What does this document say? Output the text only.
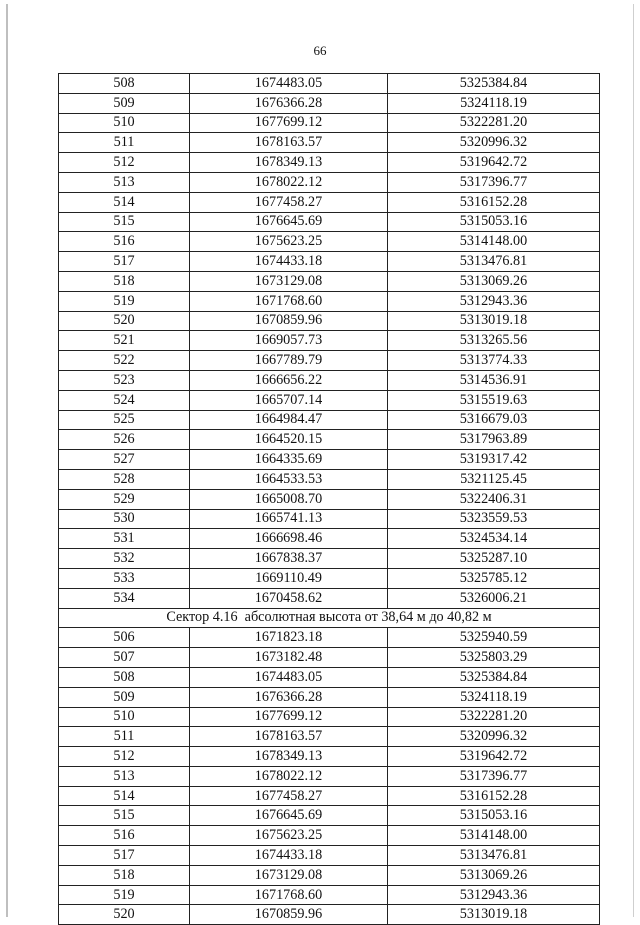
66
508	1674483.05	5325384.84
509	1676366.28	5324118.19
510	1677699.12	5322281.20
511	1678163.57	5320996.32
512	1678349.13	5319642.72
513	1678022.12	5317396.77
514	1677458.27	5316152.28
515	1676645.69	5315053.16
516	1675623.25	5314148.00
517	1674433.18	5313476.81
518	1673129.08	5313069.26
519	1671768.60	5312943.36
520	1670859.96	5313019.18
521	1669057.73	5313265.56
522	1667789.79	5313774.33
523	1666656.22	5314536.91
524	1665707.14	5315519.63
525	1664984.47	5316679.03
526	1664520.15	5317963.89
527	1664335.69	5319317.42
528	1664533.53	5321125.45
529	1665008.70	5322406.31
530	1665741.13	5323559.53
531	1666698.46	5324534.14
532	1667838.37	5325287.10
533	1669110.49	5325785.12
534	1670458.62	5326006.21
Сектор 4.16  абсолютная высота от 38,64 м до 40,82 м		
506	1671823.18	5325940.59
507	1673182.48	5325803.29
508	1674483.05	5325384.84
509	1676366.28	5324118.19
510	1677699.12	5322281.20
511	1678163.57	5320996.32
512	1678349.13	5319642.72
513	1678022.12	5317396.77
514	1677458.27	5316152.28
515	1676645.69	5315053.16
516	1675623.25	5314148.00
517	1674433.18	5313476.81
518	1673129.08	5313069.26
519	1671768.60	5312943.36
520	1670859.96	5313019.18
